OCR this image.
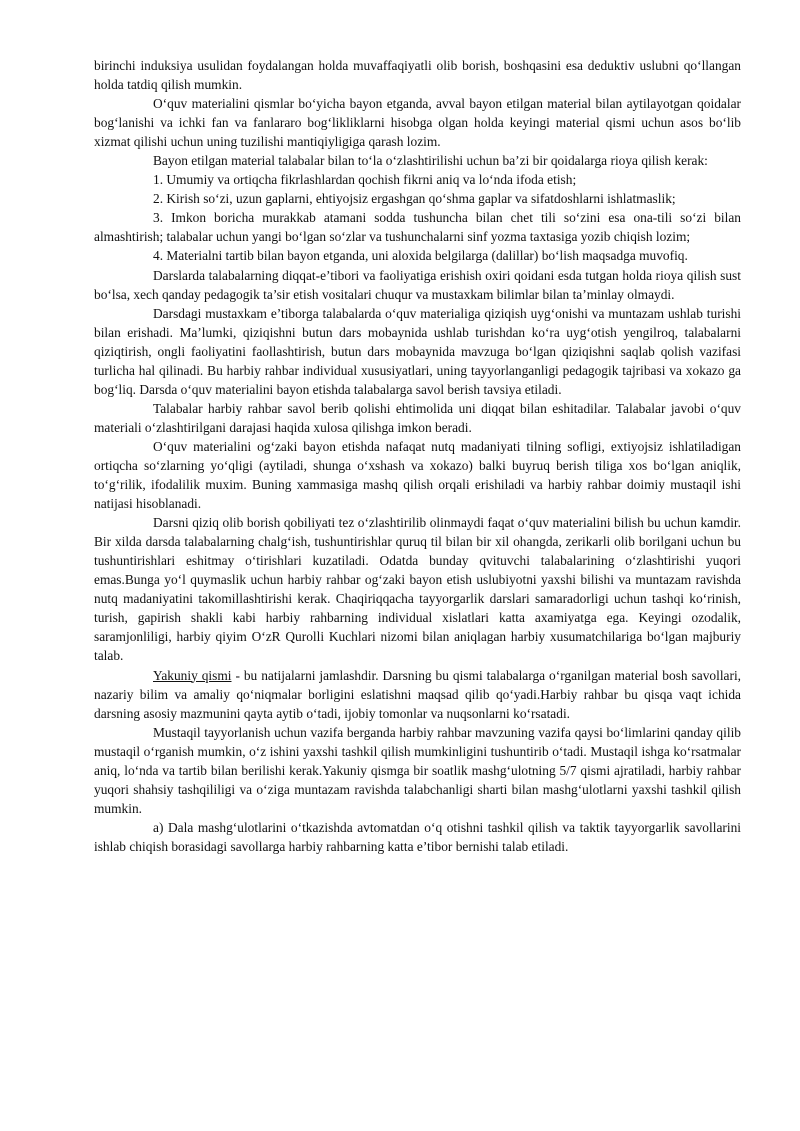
birinchi induksiya usulidan foydalangan holda muvaffaqiyatli olib borish, boshqasini esa deduktiv uslubni qo‘llangan holda tatdiq qilish mumkin.

O‘quv materialini qismlar bo‘yicha bayon etganda, avval bayon etilgan material bilan aytilayotgan qoidalar bog‘lanishi va ichki fan va fanlararo bog‘likliklarni hisobga olgan holda keyingi material qismi uchun asos bo‘lib xizmat qilishi uchun uning tuzilishi mantiqiyligiga qarash lozim.

Bayon etilgan material talabalar bilan to‘la o‘zlashtirilishi uchun ba’zi bir qoidalarga rioya qilish kerak:

1. Umumiy va ortiqcha fikrlashlardan qochish fikrni aniq va lo‘nda ifoda etish;

2. Kirish so‘zi, uzun gaplarni, ehtiyojsiz ergashgan qo‘shma gaplar va sifatdoshlarni ishlatmaslik;

3. Imkon boricha murakkab atamani sodda tushuncha bilan chet tili so‘zini esa ona-tili so‘zi bilan almashtirish; talabalar uchun yangi bo‘lgan so‘zlar va tushunchalarni sinf yozma taxtasiga yozib chiqish lozim;

4. Materialni tartib bilan bayon etganda, uni aloxida belgilarga (dalillar) bo‘lish maqsadga muvofiq.

Darslarda talabalarning diqqat-e’tibori va faoliyatiga erishish oxiri qoidani esda tutgan holda rioya qilish sust bo‘lsa, xech qanday pedagogik ta’sir etish vositalari chuqur va mustaxkam bilimlar bilan ta’minlay olmaydi.

Darsdagi mustaxkam e’tiborga talabalarda o‘quv materialiga qiziqish uyg‘onishi va muntazam ushlab turishi bilan erishadi. Ma’lumki, qiziqishni butun dars mobaynida ushlab turishdan ko‘ra uyg‘otish yengilroq, talabalarni qiziqtirish, ongli faoliyatini faollashtirish, butun dars mobaynida mavzuga bo‘lgan qiziqishni saqlab qolish vazifasi turlicha hal qilinadi. Bu harbiy rahbar individual xususiyatlari, uning tayyorlanganligi pedagogik tajribasi va xokazo ga bog‘liq. Darsda o‘quv materialini bayon etishda talabalarga savol berish tavsiya etiladi.

Talabalar harbiy rahbar savol berib qolishi ehtimolida uni diqqat bilan eshitadilar. Talabalar javobi o‘quv materiali o‘zlashtirilgani darajasi haqida xulosa qilishga imkon beradi.

O‘quv materialini og‘zaki bayon etishda nafaqat nutq madaniyati tilning sofligi, extiyojsiz ishlatiladigan ortiqcha so‘zlarning yo‘qligi (aytiladi, shunga o‘xshash va xokazo) balki buyruq berish tiliga xos bo‘lgan aniqlik, to‘g‘rilik, ifodalilik muxim. Buning xammasiga mashq qilish orqali erishiladi va harbiy rahbar doimiy mustaqil ishi natijasi hisoblanadi.

Darsni qiziq olib borish qobiliyati tez o‘zlashtirilib olinmaydi faqat o‘quv materialini bilish bu uchun kamdir. Bir xilda darsda talabalarning chalg‘ish, tushuntirishlar quruq til bilan bir xil ohangda, zerikarli olib borilgani uchun bu tushuntirishlari eshitmay o‘tirishlari kuzatiladi. Odatda bunday qvituvchi talabalarining o‘zlashtirishi yuqori emas.Bunga yo‘l quymaslik uchun harbiy rahbar og‘zaki bayon etish uslubiyotni yaxshi bilishi va muntazam ravishda nutq madaniyatini takomillashtirishi kerak. Chaqiriqqacha tayyorgarlik darslari samaradorligi uchun tashqi ko‘rinish, turish, gapirish shakli kabi harbiy rahbarning individual xislatlari katta axamiyatga ega. Keyingi ozodalik, saramjonliligi, harbiy qiyim O‘zR Qurolli Kuchlari nizomi bilan aniqlagan harbiy xusumatchilariga bo‘lgan majburiy talab.

Yakuniy qismi - bu natijalarni jamlashdir. Darsning bu qismi talabalarga o‘rganilgan material bosh savollari, nazariy bilim va amaliy qo‘niqmalar borligini eslatishni maqsad qilib qo‘yadi.Harbiy rahbar bu qisqa vaqt ichida darsning asosiy mazmunini qayta aytib o‘tadi, ijobiy tomonlar va nuqsonlarni ko‘rsatadi.

Mustaqil tayyorlanish uchun vazifa berganda harbiy rahbar mavzuning vazifa qaysi bo‘limlarini qanday qilib mustaqil o‘rganish mumkin, o‘z ishini yaxshi tashkil qilish mumkinligini tushuntirib o‘tadi. Mustaqil ishga ko‘rsatmalar aniq, lo‘nda va tartib bilan berilishi kerak.Yakuniy qismga bir soatlik mashg‘ulotning 5/7 qismi ajratiladi, harbiy rahbar yuqori shahsiy tashqililigi va o‘ziga muntazam ravishda talabchanligi sharti bilan mashg‘ulotlarni yaxshi tashkil qilish mumkin.

a) Dala mashg‘ulotlarini o‘tkazishda avtomatdan o‘q otishni tashkil qilish va taktik tayyorgarlik savollarini ishlab chiqish borasidagi savollarga harbiy rahbarning katta e’tibor bernishi talab etiladi.
